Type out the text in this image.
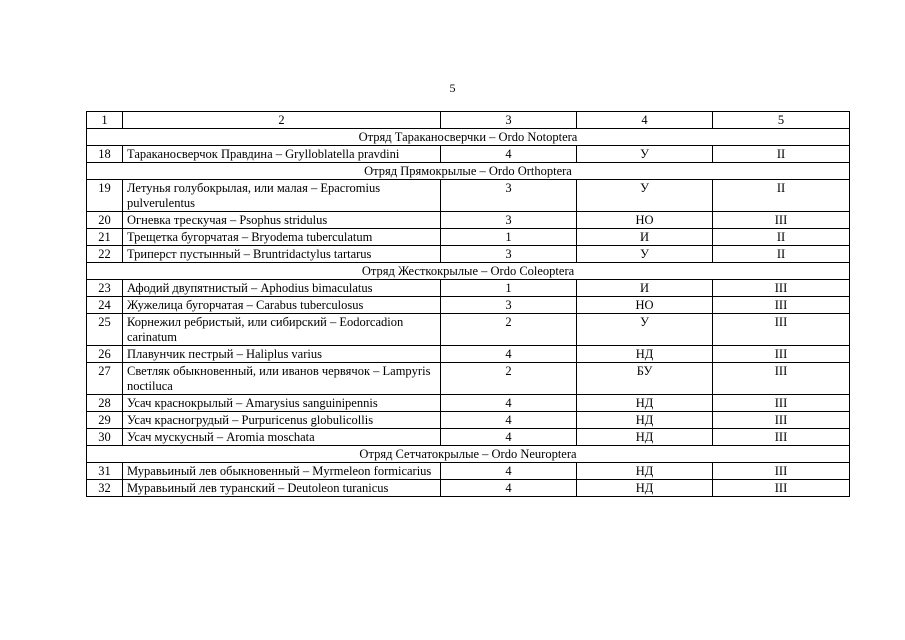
5
1	2	3	4	5
Отряд Тараканосверчки – Ordo Notoptera				
18	Тараканосверчок Правдина – Grylloblatella pravdini	4	У	II
Отряд Прямокрылые – Ordo Orthoptera				
19	Летунья голубокрылая, или малая – Epacromius pulverulentus	3	У	II
20	Огневка трескучая – Psophus stridulus	3	НО	III
21	Трещетка бугорчатая – Bryodema tuberculatum	1	И	II
22	Триперст пустынный – Bruntridactylus tartarus	3	У	II
Отряд Жесткокрылые – Ordo Coleoptera				
23	Афодий двупятнистый – Aphodius bimaculatus	1	И	III
24	Жужелица бугорчатая – Carabus tuberculosus	3	НО	III
25	Корнежил ребристый, или сибирский – Eodorcadion carinatum	2	У	III
26	Плавунчик пестрый – Haliplus varius	4	НД	III
27	Светляк обыкновенный, или иванов червячок – Lampyris noctiluca	2	БУ	III
28	Усач краснокрылый – Amarysius sanguinipennis	4	НД	III
29	Усач красногрудый – Purpuricenus globulicollis	4	НД	III
30	Усач мускусный – Aromia moschata	4	НД	III
Отряд Сетчатокрылые – Ordo Neuroptera				
31	Муравьиный лев обыкновенный – Myrmeleon formicarius	4	НД	III
32	Муравьиный лев туранский – Deutoleon turanicus	4	НД	III
